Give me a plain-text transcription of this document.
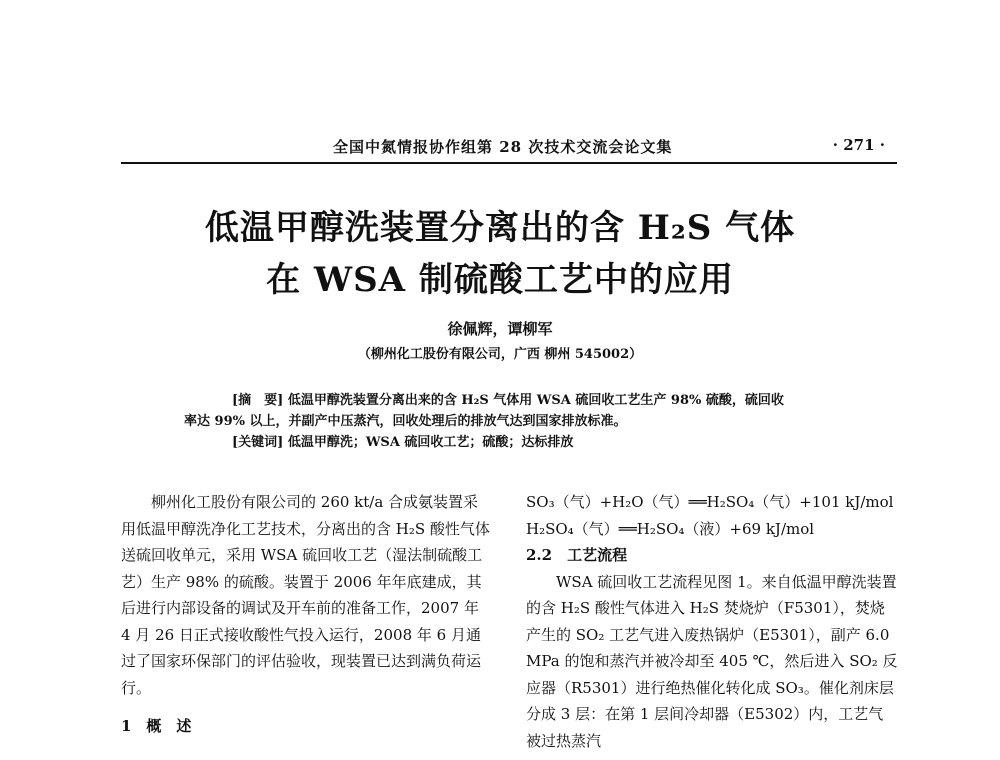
全国中氮情报协作组第 28 次技术交流会论文集	· 271 ·
低温甲醇洗装置分离出的含 H₂S 气体
在 WSA 制硫酸工艺中的应用
徐佩辉，谭柳军
（柳州化工股份有限公司，广西 柳州 545002）
[摘　要] 低温甲醇洗装置分离出来的含 H₂S 气体用 WSA 硫回收工艺生产 98% 硫酸，硫回收
率达 99% 以上，并副产中压蒸汽，回收处理后的排放气达到国家排放标准。
[关键词] 低温甲醇洗；WSA 硫回收工艺；硫酸；达标排放

柳州化工股份有限公司的 260 kt/a 合成氨装置采用低温甲醇洗净化工艺技术，分离出的含 H₂S 酸性气体送硫回收单元，采用 WSA 硫回收工艺（湿法制硫酸工艺）生产 98% 的硫酸。装置于 2006 年年底建成，其后进行内部设备的调试及开车前的准备工作，2007 年 4 月 26 日正式接收酸性气投入运行，2008 年 6 月通过了国家环保部门的评估验收，现装置已达到满负荷运行。

1　概　述

SO₃（气）+H₂O（气）══H₂SO₄（气）+101 kJ/mol

H₂SO₄（气）══H₂SO₄（液）+69 kJ/mol

2.2　工艺流程

WSA 硫回收工艺流程见图 1。来自低温甲醇洗装置的含 H₂S 酸性气体进入 H₂S 焚烧炉（F5301），焚烧产生的 SO₂ 工艺气进入废热锅炉（E5301），副产 6.0 MPa 的饱和蒸汽并被冷却至 405 ℃，然后进入 SO₂ 反应器（R5301）进行绝热催化转化成 SO₃。催化剂床层分成 3 层：在第 1 层间冷却器（E5302）内，工艺气被过热蒸汽
